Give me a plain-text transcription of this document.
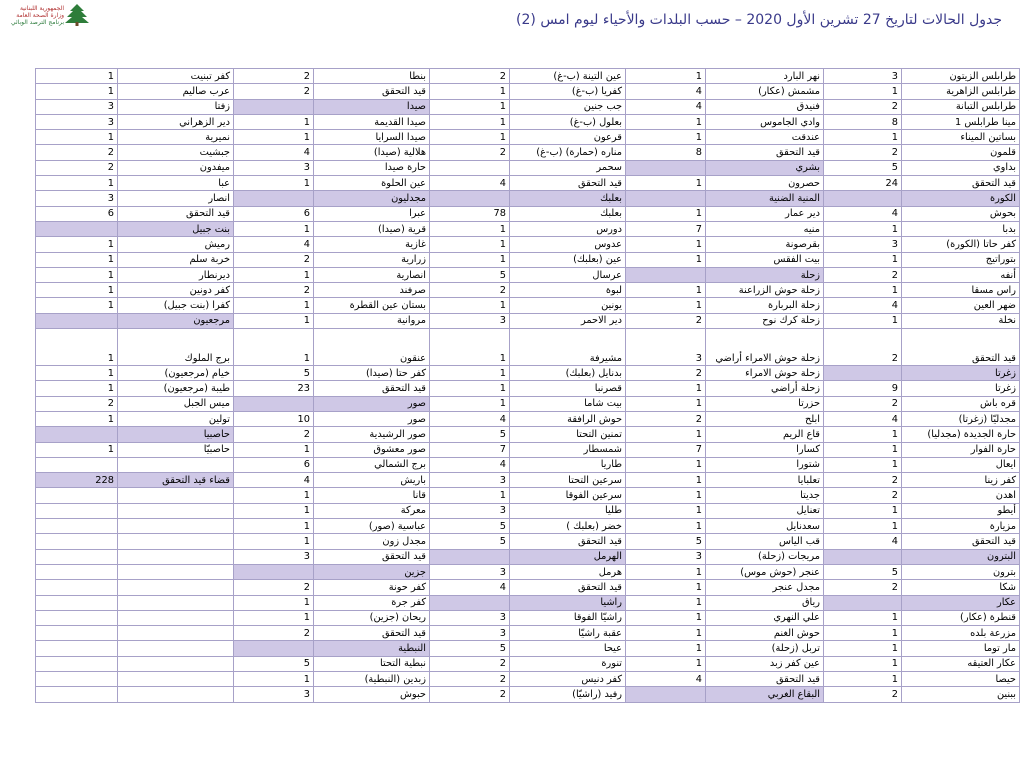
الجمهورية اللبنانية
وزارة الصحة العامة
برنامج الترصد الوبائي	جدول الحالات لتاريخ 27 تشرين الأول 2020 – حسب البلدات والأحياء ليوم امس (2)
1	كفر تبنيت	2	بنطا	2	عين التينة (ب-غ)	1	نهر البارد	3	طرابلس الزيتون
1	عرب صاليم	2	قيد التحقق	1	كفريا (ب-غ)	4	مشمش (عكار)	1	طرابلس الزاهرية
3	زفتا		صيدا	1	جب جنين	4	فنيدق	2	طرابلس التبانة
3	دير الزهراني	1	صيدا القديمة	1	بعلول (ب-غ)	1	وادي الجاموس	8	مينا طرابلس 1
1	نميرية	1	صيدا السرايا	1	قرعون	1	عندقت	1	بساتين الميناء
2	جبشيت	4	هلالية (صيدا)	2	مناره (حمارة) (ب-غ)	8	قيد التحقق	2	قلمون
2	ميفدون	3	حارة صيدا		سحمر		بشري	5	بداوي
1	عبا	1	عين الحلوة	4	قيد التحقق	1	حصرون	24	قيد التحقق
3	انصار		مجدليون		بعلبك		المنية الضنية		الكورة
6	قيد التحقق	6	عبرا	78	بعلبك	1	دير عمار	4	بحوش
	بنت جبيل	1	قرية (صيدا)	1	دورس	7	منيه	1	بدبا
1	رميش	4	غازية	1	عدوس	1	بقرصونة	3	كفر حاتا (الكورة)
1	خربة سلم	2	زرارية	1	عين (بعلبك)	1	بيت الفقس	1	بتوراتيج
1	ديرنطار	1	انصارية	5	عرسال		زحلة	2	أنفه
1	كفر دونين	2	صرفند	2	لبوة	1	زحلة حوش الزراعنة	1	راس مسقا
1	كفرا (بنت جبيل)	1	بستان عين القطرة	1	يونين	1	زحلة البربارة	4	ضهر العين
	مرجعيون	1	مروانية	3	دير الاحمر	2	زحلة كرك نوح	1	نخلة
1	برج الملوك	1	عنقون	1	مشيرفة	3	زحلة حوش الامراء أراضي	2	قيد التحقق
1	خيام (مرجعيون)	5	كفر حتا (صيدا)	1	بدنايل (بعلبك)	2	زحلة حوش الامراء		زغرتا
1	طيبة (مرجعيون)	23	قيد التحقق	1	قصرنبا	1	زحلة أراضي	9	زغرتا
2	ميس الجبل		صور	1	بيت شاما	1	حزرتا	2	قره باش
1	تولين	10	صور	4	حوش الرافقة	2	ابلح	4	مجدليّا (زغرتا)
	حاصبيا	2	صور الرشيدية	5	تمنين التحتا	1	قاع الريم	1	حارة الجديدة (مجدليا)
1	حاصبيّا	1	صور معشوق	7	شمسطار	7	كسارا	1	حارة الفوار
		6	برج الشمالي	4	طاريا	1	شتورا	1	ايعال
228	قضاء قيد التحقق	4	باريش	3	سرعين التحتا	1	تعلبايا	2	كفر زينا
		1	قانا	1	سرعين الفوقا	1	جديتا	2	اهدن
		1	معركة	3	طليا	1	تعنايل	1	أيطو
		1	عباسية (صور)	5	خضر (بعلبك )	1	سعدنايل	1	مزيارة
		1	مجدل زون	5	قيد التحقق	5	قب الياس	4	قيد التحقق
		3	قيد التحقق		الهرمل	3	مريجات (زحلة)		البترون
			جزين	3	هرمل	1	عنجر (حوش موس)	5	بترون
		2	كفر حونة	4	قيد التحقق	1	مجدل عنجر	2	شكا
		1	كفر جرة		راشيا	1	رياق		عكار
		1	ريحان (جزين)	3	راشيّا الفوقا	1	علي النهري	1	قنطرة (عكار)
		2	قيد التحقق	3	عقبة راشيّا	1	حوش الغنم	1	مزرعة بلده
			النبطية	5	عيحا	1	تربل (زحلة)	1	مار توما
		5	نبطية التحتا	2	تنورة	1	عين كفر زبد	1	عكار العتيقه
		1	زبدين (النبطية)	2	كفر دنيس	4	قيد التحقق	1	حيصا
		3	حبوش	2	رفيد (راشيّا)		البقاع الغربي	2	ببنين
